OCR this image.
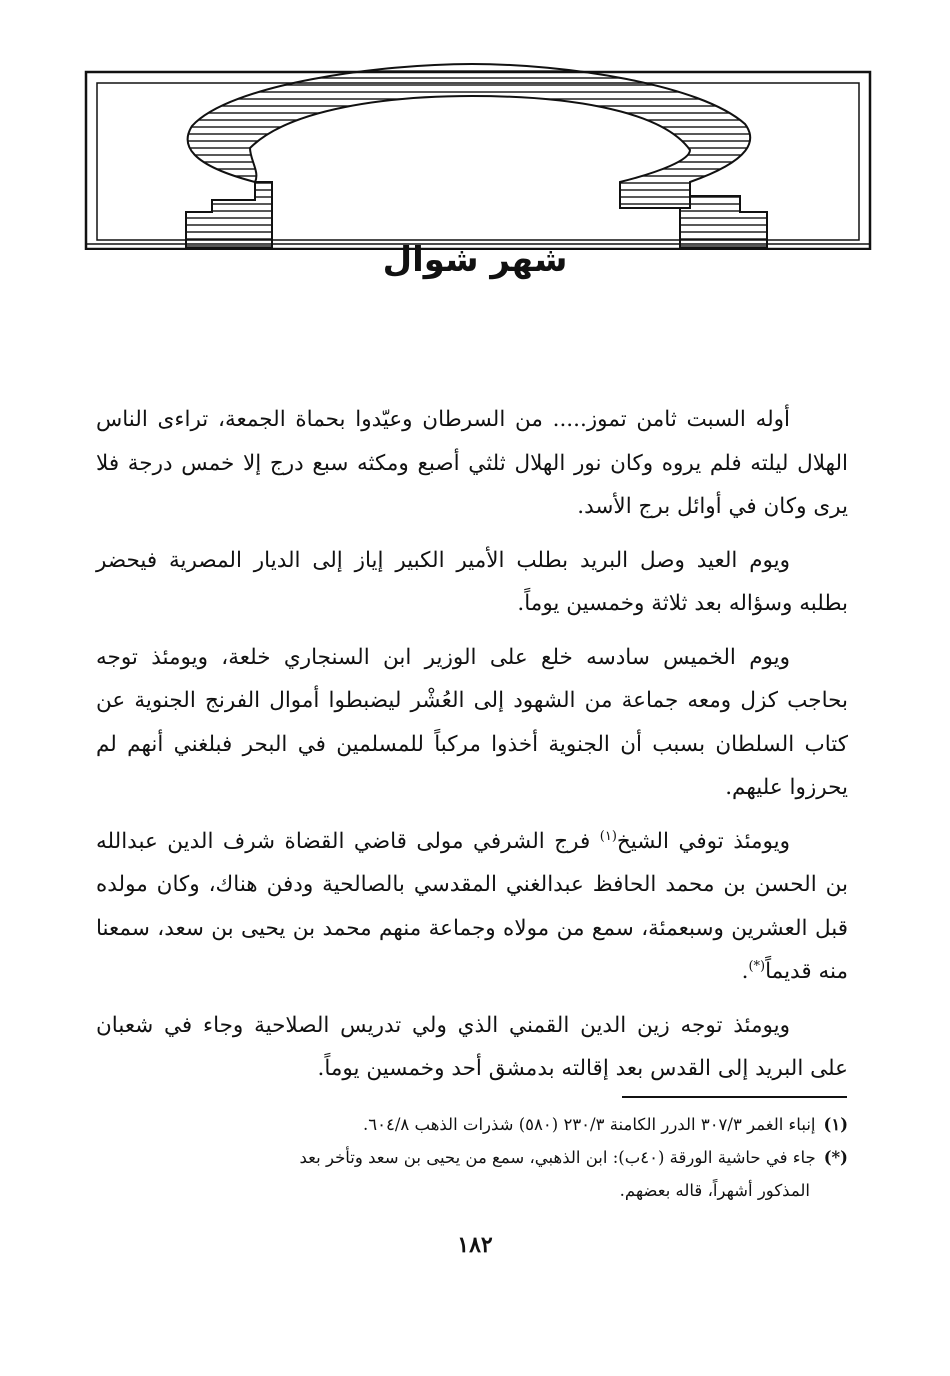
شهر شوال

أوله السبت ثامن تموز..... من السرطان وعيّدوا بحماة الجمعة، تراءى الناس الهلال ليلته فلم يروه وكان نور الهلال ثلثي أصبع ومكثه سبع درج إلا خمس درجة فلا يرى وكان في أوائل برج الأسد.

ويوم العيد وصل البريد بطلب الأمير الكبير إياز إلى الديار المصرية فيحضر بطلبه وسؤاله بعد ثلاثة وخمسين يوماً.

ويوم الخميس سادسه خلع على الوزير ابن السنجاري خلعة، ويومئذ توجه بحاجب كزل ومعه جماعة من الشهود إلى العُشْر ليضبطوا أموال الفرنج الجنوية عن كتاب السلطان بسبب أن الجنوية أخذوا مركباً للمسلمين في البحر فبلغني أنهم لم يحرزوا عليهم.

ويومئذ توفي الشيخ$^{(١)}$ فرج الشرفي مولى قاضي القضاة شرف الدين عبدالله بن الحسن بن محمد الحافظ عبدالغني المقدسي بالصالحية ودفن هناك، وكان مولده قبل العشرين وسبعمئة، سمع من مولاه وجماعة منهم محمد بن يحيى بن سعد، سمعنا منه قديماً(*).

ويومئذ توجه زين الدين القمني الذي ولي تدريس الصلاحية وجاء في شعبان على البريد إلى القدس بعد إقالته بدمشق أحد وخمسين يوماً.

(١)إنباء الغمر ٣٠٧/٣ الدرر الكامنة ٢٣٠/٣ (٥٨٠) شذرات الذهب ٦٠٤/٨.

(*)جاء في حاشية الورقة (٤٠ب): ابن الذهبي، سمع من يحيى بن سعد وتأخر بعد

المذكور أشهراً، قاله بعضهم.

١٨٢
